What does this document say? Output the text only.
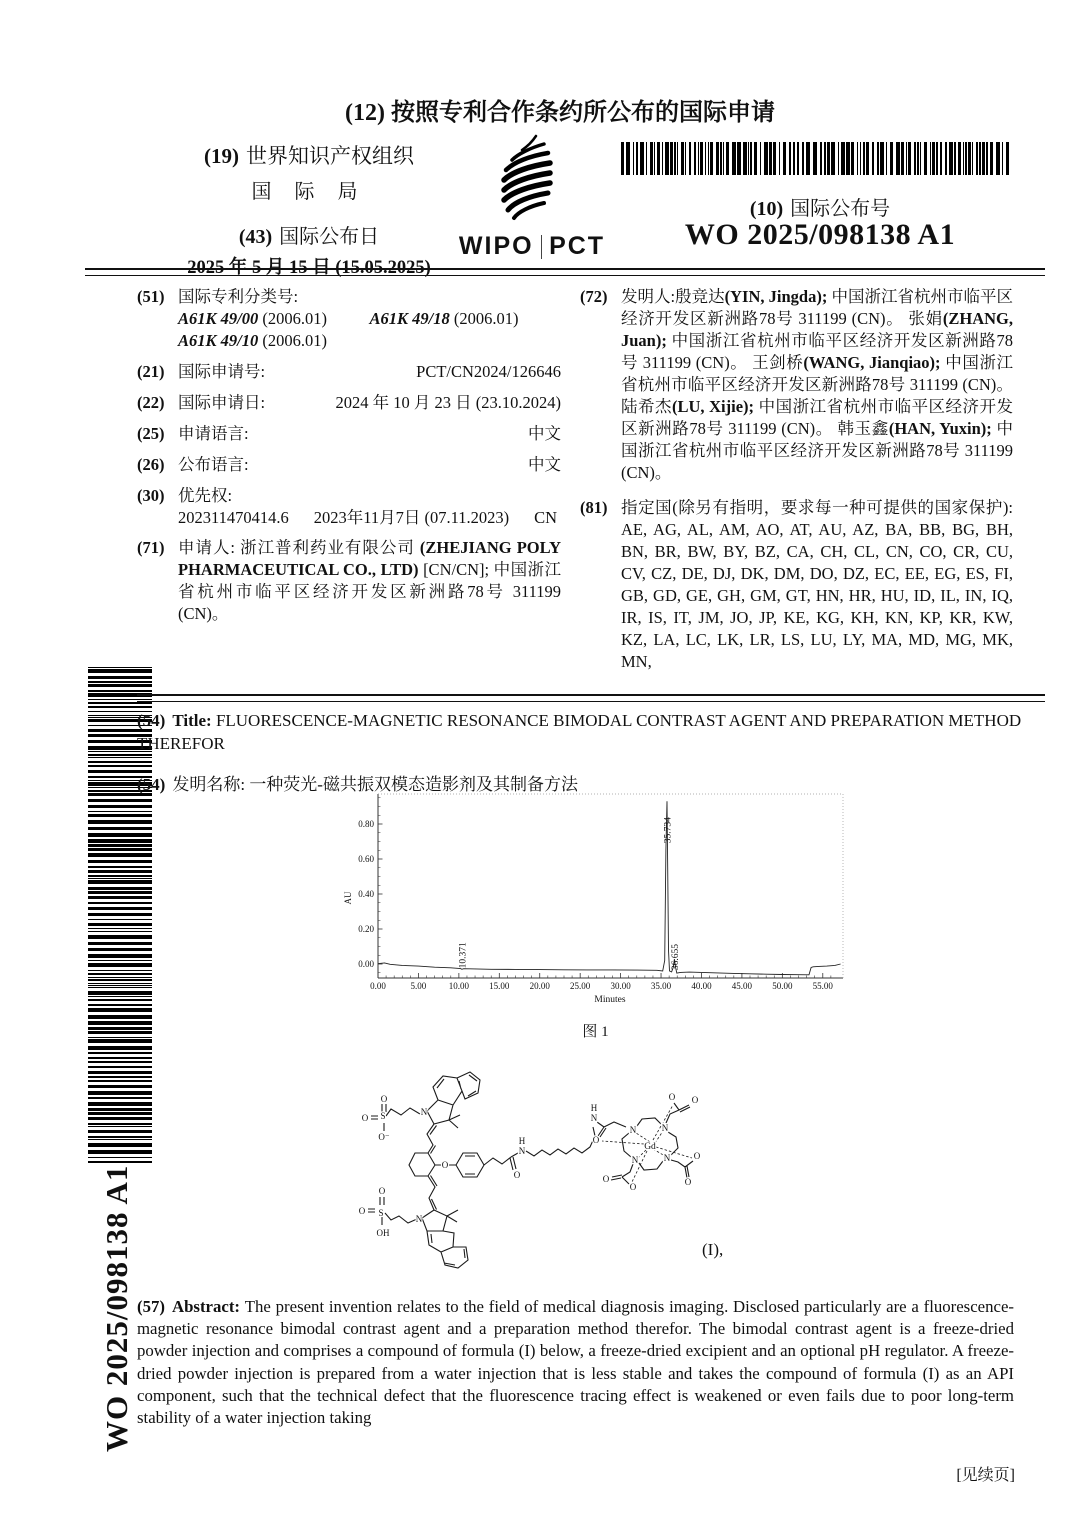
(12) 按照专利合作条约所公布的国际申请
(19) 世界知识产权组织
国 际 局
(43) 国际公布日
2025 年 5 月 15 日 (15.05.2025)
WIPO PCT
(10) 国际公布号
WO 2025/098138 A1
(51) 国际专利分类号:
A61K 49/00 (2006.01)	A61K 49/18 (2006.01)
A61K 49/10 (2006.01)
(21) 国际申请号:	PCT/CN2024/126646
(22) 国际申请日:	2024 年 10 月 23 日 (23.10.2024)
(25) 申请语言:	中文
(26) 公布语言:	中文
(30) 优先权:
202311470414.6 2023年11月7日 (07.11.2023) CN
(71) 申请人: 浙江普利药业有限公司 (ZHEJIANG POLY PHARMACEUTICAL CO., LTD) [CN/CN]; 中国浙江省杭州市临平区经济开发区新洲路78号 311199 (CN)。
(72) 发明人:殷竞达(YIN, Jingda); 中国浙江省杭州市临平区经济开发区新洲路78号 311199 (CN)。 张娟(ZHANG, Juan); 中国浙江省杭州市临平区经济开发区新洲路78号 311199 (CN)。 王剑桥(WANG, Jianqiao); 中国浙江省杭州市临平区经济开发区新洲路78号 311199 (CN)。 陆希杰(LU, Xijie); 中国浙江省杭州市临平区经济开发区新洲路78号 311199 (CN)。 韩玉鑫(HAN, Yuxin); 中国浙江省杭州市临平区经济开发区新洲路78号 311199 (CN)。
(81) 指定国(除另有指明，要求每一种可提供的国家保护): AE, AG, AL, AM, AO, AT, AU, AZ, BA, BB, BG, BH, BN, BR, BW, BY, BZ, CA, CH, CL, CN, CO, CR, CU, CV, CZ, DE, DJ, DK, DM, DO, DZ, EC, EE, EG, ES, FI, GB, GD, GE, GH, GM, GT, HN, HR, HU, ID, IL, IN, IQ, IR, IS, IT, JM, JO, JP, KE, KG, KH, KN, KP, KR, KW, KZ, LA, LC, LK, LR, LS, LU, LY, MA, MD, MG, MK, MN,
WO 2025/098138 A1
(54) Title: FLUORESCENCE-MAGNETIC RESONANCE BIMODAL CONTRAST AGENT AND PREPARATION METHOD THEREFOR
(54) 发明名称: 一种荧光-磁共振双模态造影剂及其制备方法
0.00	5.00 10.00 15.00 20.00 25.00 30.00 35.00 40.00 45.00 50.00 55.00
0.00
0.20
0.40
0.60
0.80
10.371
35.734
36.655
AU
Minutes
图 1
N
S
O
O
O⁻
O
O
N
H
N
H
O
N	N
N
N
Gd
O O
O
O
O
O
N
S
O
O
OH
(I),
(57) Abstract: The present invention relates to the field of medical diagnosis imaging. Disclosed particularly are a fluorescence-magnetic resonance bimodal contrast agent and a preparation method therefor. The bimodal contrast agent is a freeze-dried powder injection and comprises a compound of formula (I) below, a freeze-dried excipient and an optional pH regulator. A freeze-dried powder injection is prepared from a water injection that is less stable and takes the compound of formula (I) as an API component, such that the technical defect that the fluorescence tracing effect is weakened or even fails due to poor long-term stability of a water injection taking
[见续页]
